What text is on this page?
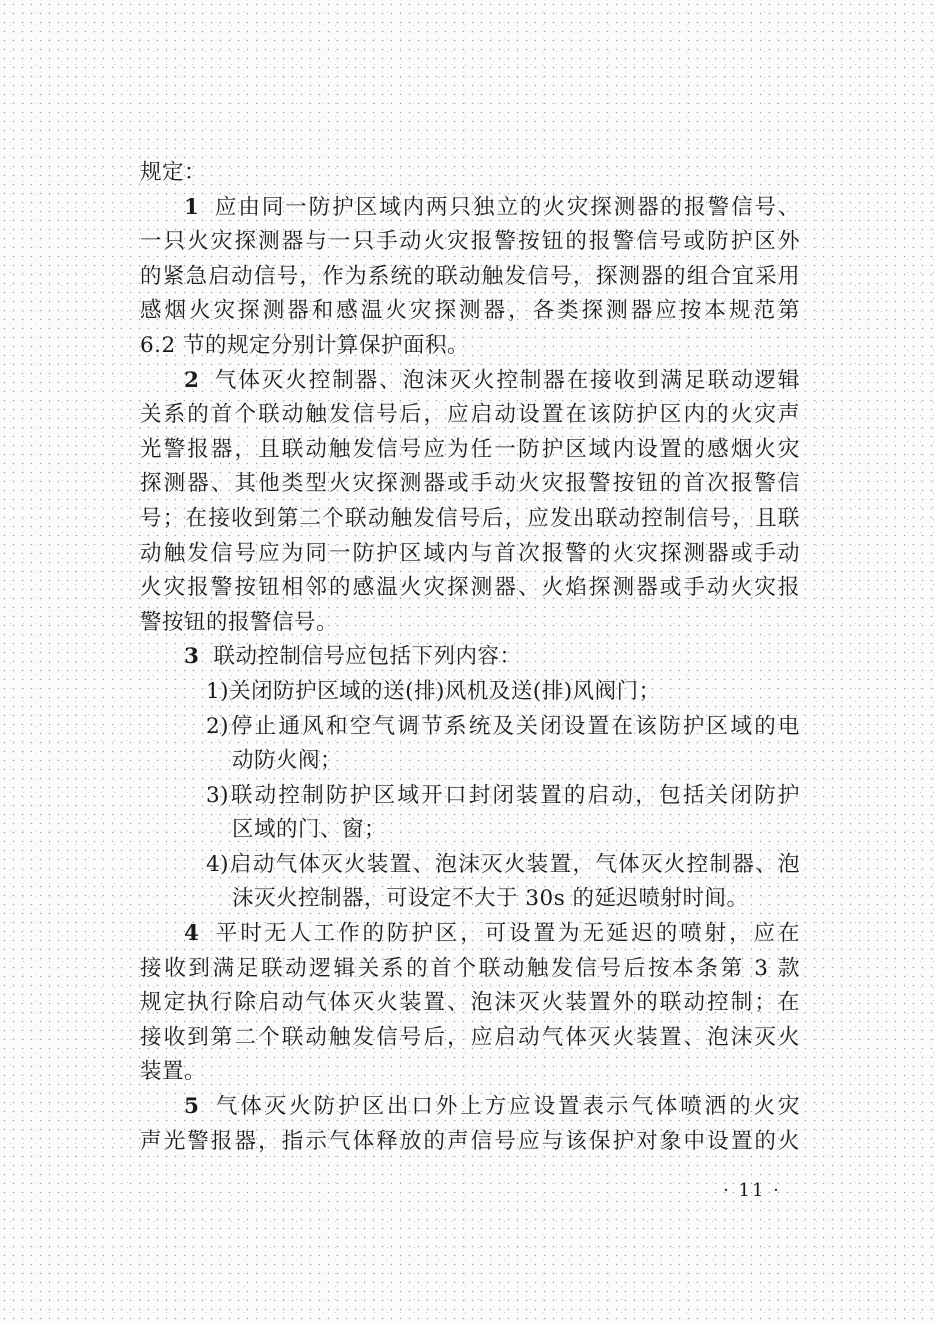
规定：
1 应由同一防护区域内两只独立的火灾探测器的报警信号、
一只火灾探测器与一只手动火灾报警按钮的报警信号或防护区外
的紧急启动信号，作为系统的联动触发信号，探测器的组合宜采用
感烟火灾探测器和感温火灾探测器，各类探测器应按本规范第
6.2 节的规定分别计算保护面积。
2 气体灭火控制器、泡沫灭火控制器在接收到满足联动逻辑
关系的首个联动触发信号后，应启动设置在该防护区内的火灾声
光警报器，且联动触发信号应为任一防护区域内设置的感烟火灾
探测器、其他类型火灾探测器或手动火灾报警按钮的首次报警信
号；在接收到第二个联动触发信号后，应发出联动控制信号，且联
动触发信号应为同一防护区域内与首次报警的火灾探测器或手动
火灾报警按钮相邻的感温火灾探测器、火焰探测器或手动火灾报
警按钮的报警信号。
3 联动控制信号应包括下列内容：
1)关闭防护区域的送(排)风机及送(排)风阀门；
2)停止通风和空气调节系统及关闭设置在该防护区域的电
动防火阀；
3)联动控制防护区域开口封闭装置的启动，包括关闭防护
区域的门、窗；
4)启动气体灭火装置、泡沫灭火装置，气体灭火控制器、泡
沫灭火控制器，可设定不大于 30s 的延迟喷射时间。
4 平时无人工作的防护区，可设置为无延迟的喷射，应在
接收到满足联动逻辑关系的首个联动触发信号后按本条第 3 款
规定执行除启动气体灭火装置、泡沫灭火装置外的联动控制；在
接收到第二个联动触发信号后，应启动气体灭火装置、泡沫灭火
装置。
5 气体灭火防护区出口外上方应设置表示气体喷洒的火灾
声光警报器，指示气体释放的声信号应与该保护对象中设置的火
· 11 ·
